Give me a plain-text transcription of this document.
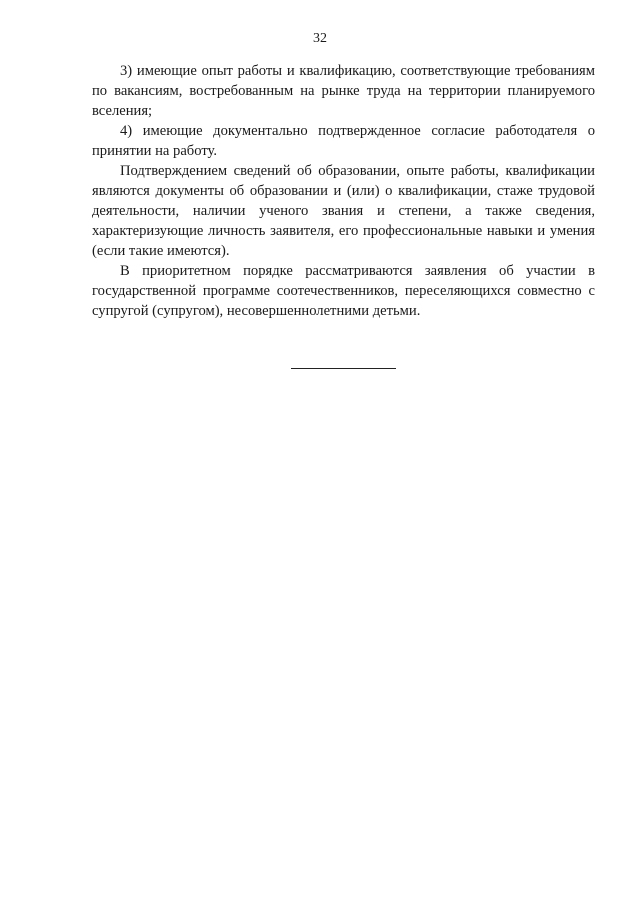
32

3) имеющие опыт работы и квалификацию, соответствующие требованиям по вакансиям, востребованным на рынке труда на территории планируемого вселения;

4) имеющие документально подтвержденное согласие работодателя о принятии на работу.

Подтверждением сведений об образовании, опыте работы, квалификации являются документы об образовании и (или) о квалификации, стаже трудовой деятельности, наличии ученого звания и степени, а также сведения, характеризующие личность заявителя, его профессиональные навыки и умения (если такие имеются).

В приоритетном порядке рассматриваются заявления об участии в государственной программе соотечественников, переселяющихся совместно с супругой (супругом), несовершеннолетними детьми.
